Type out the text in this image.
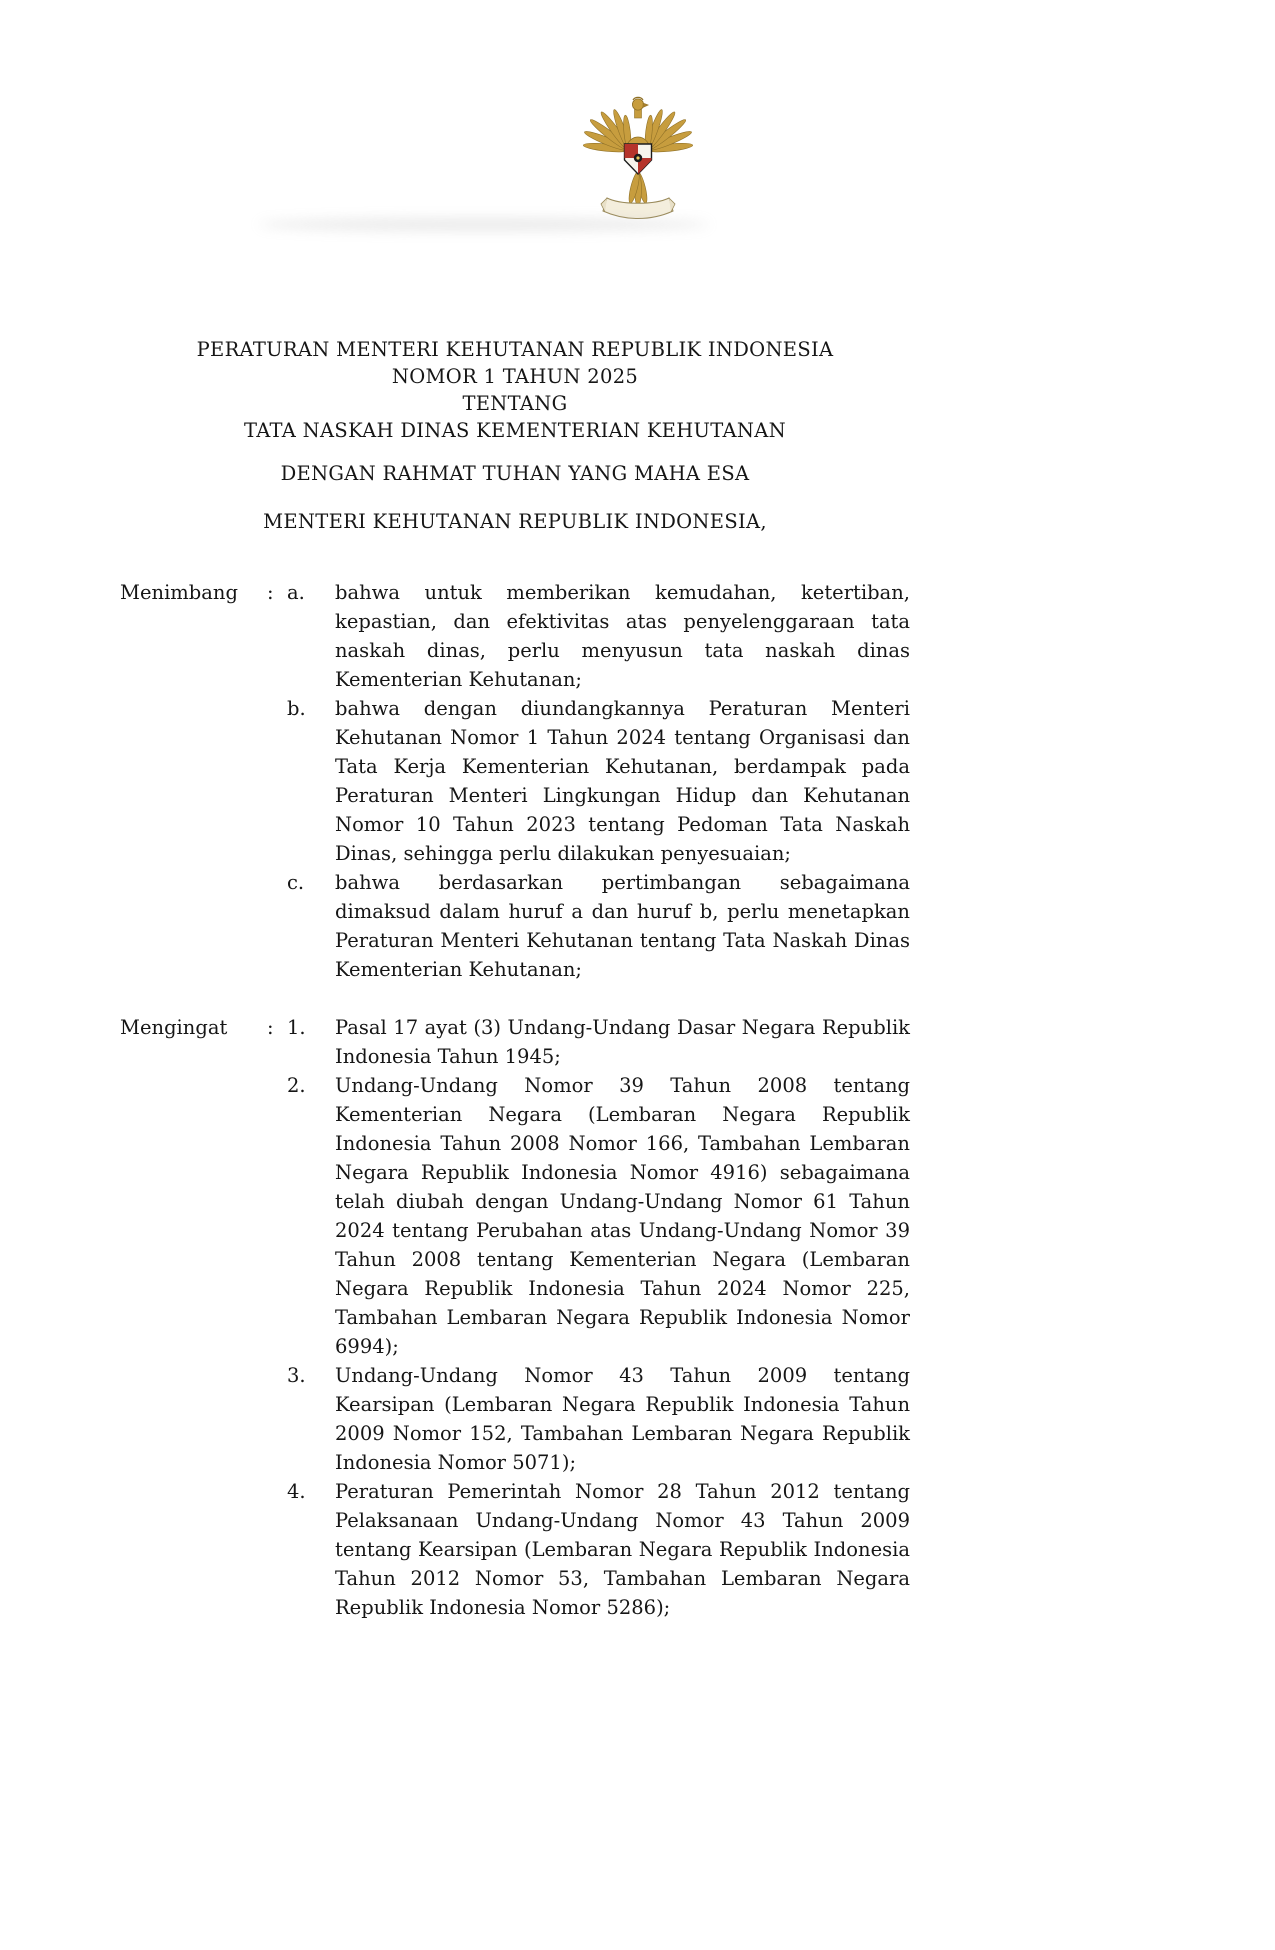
PERATURAN MENTERI KEHUTANAN REPUBLIK INDONESIA
NOMOR 1 TAHUN 2025
TENTANG
TATA NASKAH DINAS KEMENTERIAN KEHUTANAN
DENGAN RAHMAT TUHAN YANG MAHA ESA
MENTERI KEHUTANAN REPUBLIK INDONESIA,
Menimbang	: a.	bahwa untuk memberikan kemudahan, ketertiban, kepastian, dan efektivitas atas penyelenggaraan tata naskah dinas, perlu menyusun tata naskah dinas Kementerian Kehutanan;
b.	bahwa dengan diundangkannya Peraturan Menteri Kehutanan Nomor 1 Tahun 2024 tentang Organisasi dan Tata Kerja Kementerian Kehutanan, berdampak pada Peraturan Menteri Lingkungan Hidup dan Kehutanan Nomor 10 Tahun 2023 tentang Pedoman Tata Naskah Dinas, sehingga perlu dilakukan penyesuaian;
c.	bahwa berdasarkan pertimbangan sebagaimana dimaksud dalam huruf a dan huruf b, perlu menetapkan Peraturan Menteri Kehutanan tentang Tata Naskah Dinas Kementerian Kehutanan;
Mengingat	: 1.	Pasal 17 ayat (3) Undang-Undang Dasar Negara Republik Indonesia Tahun 1945;
2.	Undang-Undang Nomor 39 Tahun 2008 tentang Kementerian Negara (Lembaran Negara Republik Indonesia Tahun 2008 Nomor 166, Tambahan Lembaran Negara Republik Indonesia Nomor 4916) sebagaimana telah diubah dengan Undang-Undang Nomor 61 Tahun 2024 tentang Perubahan atas Undang-Undang Nomor 39 Tahun 2008 tentang Kementerian Negara (Lembaran Negara Republik Indonesia Tahun 2024 Nomor 225, Tambahan Lembaran Negara Republik Indonesia Nomor 6994);
3.	Undang-Undang Nomor 43 Tahun 2009 tentang Kearsipan (Lembaran Negara Republik Indonesia Tahun 2009 Nomor 152, Tambahan Lembaran Negara Republik Indonesia Nomor 5071);
4.	Peraturan Pemerintah Nomor 28 Tahun 2012 tentang Pelaksanaan Undang-Undang Nomor 43 Tahun 2009 tentang Kearsipan (Lembaran Negara Republik Indonesia Tahun 2012 Nomor 53, Tambahan Lembaran Negara Republik Indonesia Nomor 5286);
